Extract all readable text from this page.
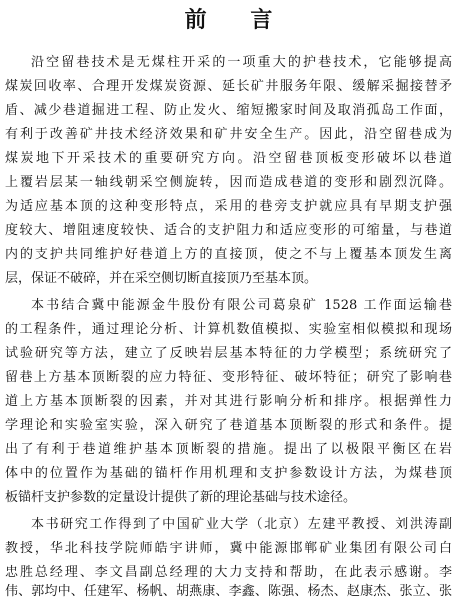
前 言
沿空留巷技术是无煤柱开采的一项重大的护巷技术，它能够提高
煤炭回收率、合理开发煤炭资源、延长矿井服务年限、缓解采掘接替矛
盾、减少巷道掘进工程、防止发火、缩短搬家时间及取消孤岛工作面，
有利于改善矿井技术经济效果和矿井安全生产。因此，沿空留巷成为
煤炭地下开采技术的重要研究方向。沿空留巷顶板变形破坏以巷道
上覆岩层某一轴线朝采空侧旋转，因而造成巷道的变形和剧烈沉降。
为适应基本顶的这种变形特点，采用的巷旁支护就应具有早期支护强
度较大、增阻速度较快、适合的支护阻力和适应变形的可缩量，与巷道
内的支护共同维护好巷道上方的直接顶，使之不与上覆基本顶发生离
层，保证不破碎，并在采空侧切断直接顶乃至基本顶。
本书结合冀中能源金牛股份有限公司葛泉矿 1528 工作面运输巷
的工程条件，通过理论分析、计算机数值模拟、实验室相似模拟和现场
试验研究等方法，建立了反映岩层基本特征的力学模型；系统研究了
留巷上方基本顶断裂的应力特征、变形特征、破坏特征；研究了影响巷
道上方基本顶断裂的因素，并对其进行影响分析和排序。根据弹性力
学理论和实验室实验，深入研究了巷道基本顶断裂的形式和条件。提
出了有利于巷道维护基本顶断裂的措施。提出了以极限平衡区在岩
体中的位置作为基础的锚杆作用机理和支护参数设计方法，为煤巷顶
板锚杆支护参数的定量设计提供了新的理论基础与技术途径。
本书研究工作得到了中国矿业大学（北京）左建平教授、刘洪涛副
教授，华北科技学院师皓宇讲师，冀中能源邯郸矿业集团有限公司白
忠胜总经理、李文昌副总经理的大力支持和帮助，在此表示感谢。李
伟、郭均中、任建军、杨帆、胡燕康、李鑫、陈强、杨杰、赵康杰、张立、张
